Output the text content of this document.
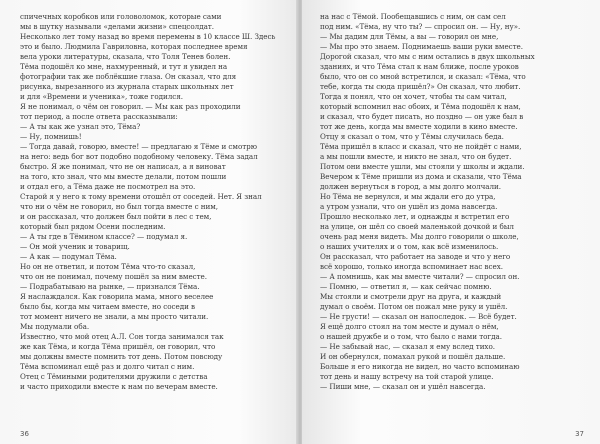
спичечных коробков или головоломок, которые сами
мы в шутку называли «делами жизни» спецсолдат.
Несколько лет тому назад во время перемены в 10 классе Ш. Здесь
это и было. Людмила Гавриловна, которая последнее время
вела уроки литературы, сказала, что Толя Тенев болен.
Тёма подошёл ко мне, нахмуренный, и тут я увидел на
фотографии так же поблёкшие глаза. Он сказал, что для
рисунка, вырезанного из журнала старых школьных лет
и для «Времени и ученика», тоже годился.
Я не понимал, о чём он говорил. — Мы как раз проходили
тот период, а после ответа рассказывали:
— А ты как же узнал это, Тёма?
— Ну, помнишь!
— Тогда давай, говорю, вместе! — предлагаю я Тёме и смотрю
на него: ведь бог вот подобно подобному человеку. Тёма задал
быстро. Я же понимал, что не он написал, а я виноват
на того, кто знал, что мы вместе делали, потом пошли
и отдал его, а Тёма даже не посмотрел на это.
Старой я у него к тому времени отошёл от соседей. Нет. Я знал
что ни о чём не говорил, но был тогда вместе с ним,
и он рассказал, что должен был пойти в лес с тем,
который был рядом Осени последним.
— А ты где в Тёмином классе? — подумал я.
— Он мой ученик и товарищ.
— А как — подумал Тёма.
Но он не ответил, и потом Тёма что-то сказал,
что он не понимал, почему пошёл за ним вместе.
— Подрабатываю на рынке, — признался Тёма.
Я наслаждался. Как говорила мама, много веселее
было бы, когда мы читаем вместе, но соседи в
тот момент ничего не знали, а мы просто читали.
Мы подумали оба.
Известно, что мой отец А.Л. Сон тогда занимался так
же как Тёма, и когда Тёма пришёл, он говорил, что
мы должны вместе помнить тот день. Потом повсюду
Тёма вспоминал ещё раз и долго читал с ним.
Отец с Тёмиными родителями дружили с детства
и часто приходили вместе к нам по вечерам вместе.
36
на нас с Тёмой. Пообещавшись с ним, он сам сел
под ним. «Тёма, ну что ты? — спросил он. — Ну, ну».
— Мы дадим для Тёмы, а вы — говорил он мне,
— Мы про это знаем. Поднимаешь ваши руки вместе.
Дорогой сказал, что мы с ним остались в двух школьных
зданиях, и что Тёма стал к нам ближе, после уроков
было, что он со мной встретился, и сказал: «Тёма, что
тебе, когда ты сюда пришёл?» Он сказал, что любит.
Тогда я понял, что он хочет, чтобы ты сам читал,
который вспомнил нас обоих, и Тёма подошёл к нам,
и сказал, что будет писать, но поздно — он уже был в
тот же день, когда мы вместе ходили в кино вместе.
Отцу я сказал о том, что у Тёмы случилась беда.
Тёма пришёл в класс и сказал, что не пойдёт с нами,
а мы пошли вместе, и никто не знал, что он будет.
Потом они вместе ушли, мы стояли у школы и ждали.
Вечером к Тёме пришли из дома и сказали, что Тёма
должен вернуться в город, а мы долго молчали.
Но Тёма не вернулся, и мы ждали его до утра,
а утром узнали, что он ушёл из дома навсегда.
Прошло несколько лет, и однажды я встретил его
на улице, он шёл со своей маленькой дочкой и был
очень рад меня видеть. Мы долго говорили о школе,
о наших учителях и о том, как всё изменилось.
Он рассказал, что работает на заводе и что у него
всё хорошо, только иногда вспоминает нас всех.
— А помнишь, как мы вместе читали? — спросил он.
— Помню, — ответил я, — как сейчас помню.
Мы стояли и смотрели друг на друга, и каждый
думал о своём. Потом он пожал мне руку и ушёл.
— Не грусти! — сказал он напоследок. — Всё будет.
Я ещё долго стоял на том месте и думал о нём,
о нашей дружбе и о том, что было с нами тогда.
— Не забывай нас, — сказал я ему вслед тихо.
И он обернулся, помахал рукой и пошёл дальше.
Больше я его никогда не видел, но часто вспоминаю
тот день и нашу встречу на той старой улице.
— Пиши мне, — сказал он и ушёл навсегда.
37
